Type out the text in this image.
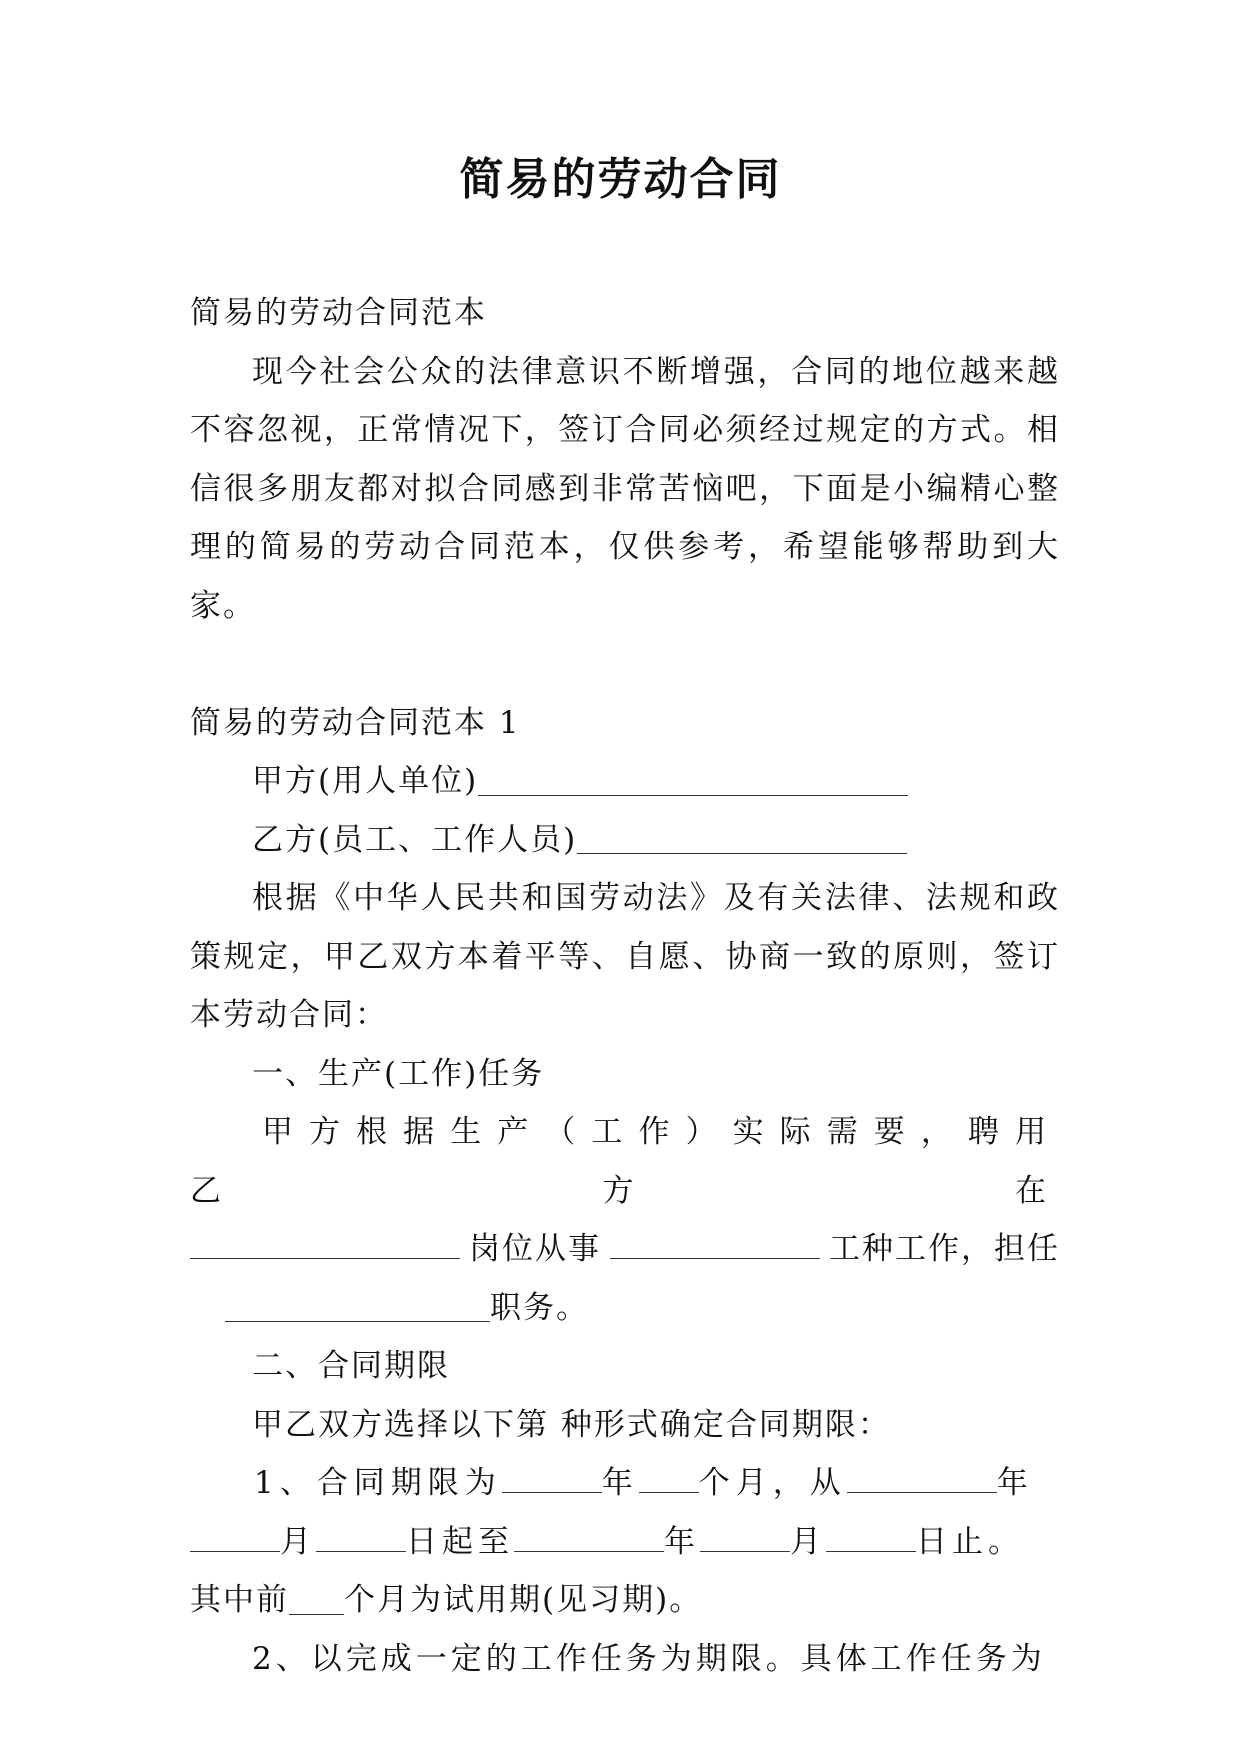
简易的劳动合同

简易的劳动合同范本

现今社会公众的法律意识不断增强，合同的地位越来越不容忽视，正常情况下，签订合同必须经过规定的方式。相信很多朋友都对拟合同感到非常苦恼吧，下面是小编精心整理的简易的劳动合同范本，仅供参考，希望能够帮助到大家。

简易的劳动合同范本 1

甲方(用人单位)

乙方(员工、工作人员)

根据《中华人民共和国劳动法》及有关法律、法规和政策规定，甲乙双方本着平等、自愿、协商一致的原则，签订本劳动合同：

一、生产(工作)任务

甲方根据生产（工作）实际需要，聘用乙方在

岗位从事	工种工作，担任

职务。

二、合同期限

甲乙双方选择以下第 种形式确定合同期限：

1、合同期限为	年 个月，从	年

月	日起至	年	月	日止。

其中前 个月为试用期(见习期)。

2、以完成一定的工作任务为期限。具体工作任务为
